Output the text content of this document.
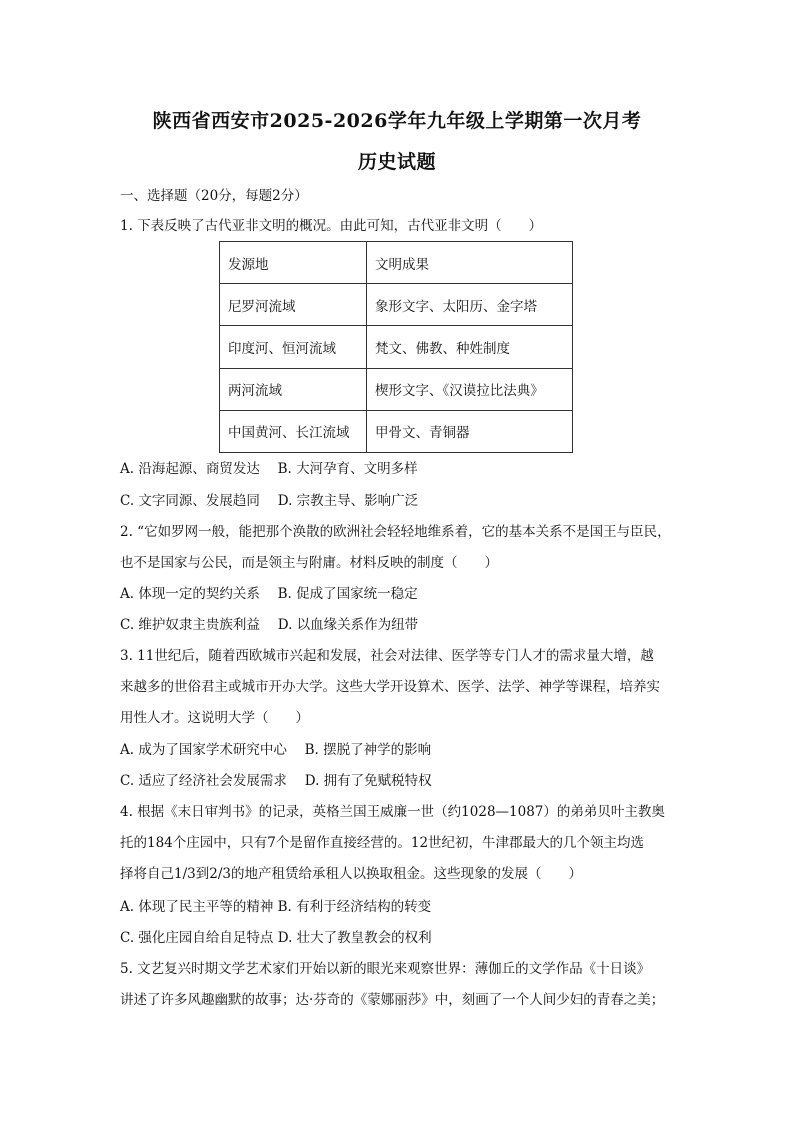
陕西省西安市2025-2026学年九年级上学期第一次月考
历史试题
一、选择题（20分，每题2分）
1. 下表反映了古代亚非文明的概况。由此可知，古代亚非文明（　　）
发源地	文明成果
尼罗河流域	象形文字、太阳历、金字塔
印度河、恒河流域	梵文、佛教、种姓制度
两河流域	楔形文字、《汉谟拉比法典》
中国黄河、长江流域	甲骨文、青铜器
A. 沿海起源、商贸发达　 B. 大河孕育、文明多样
C. 文字同源、发展趋同　 D. 宗教主导、影响广泛
2. “它如罗网一般，能把那个涣散的欧洲社会轻轻地维系着，它的基本关系不是国王与臣民，
也不是国家与公民，而是领主与附庸。材料反映的制度（　　）
A. 体现一定的契约关系　 B. 促成了国家统一稳定
C. 维护奴隶主贵族利益　 D. 以血缘关系作为纽带
3. 11世纪后，随着西欧城市兴起和发展，社会对法律、医学等专门人才的需求量大增，越
来越多的世俗君主或城市开办大学。这些大学开设算术、医学、法学、神学等课程，培养实
用性人才。这说明大学（　　）
A. 成为了国家学术研究中心　 B. 摆脱了神学的影响
C. 适应了经济社会发展需求　 D. 拥有了免赋税特权
4. 根据《末日审判书》的记录，英格兰国王威廉一世（约1028—1087）的弟弟贝叶主教奥
托的184个庄园中，只有7个是留作直接经营的。12世纪初，牛津郡最大的几个领主均选
择将自己1/3到2/3的地产租赁给承租人以换取租金。这些现象的发展（　　）
A. 体现了民主平等的精神 B. 有利于经济结构的转变
C. 强化庄园自给自足特点 D. 壮大了教皇教会的权利
5. 文艺复兴时期文学艺术家们开始以新的眼光来观察世界：薄伽丘的文学作品《十日谈》
讲述了许多风趣幽默的故事；达·芬奇的《蒙娜丽莎》中，刻画了一个人间少妇的青春之美；
